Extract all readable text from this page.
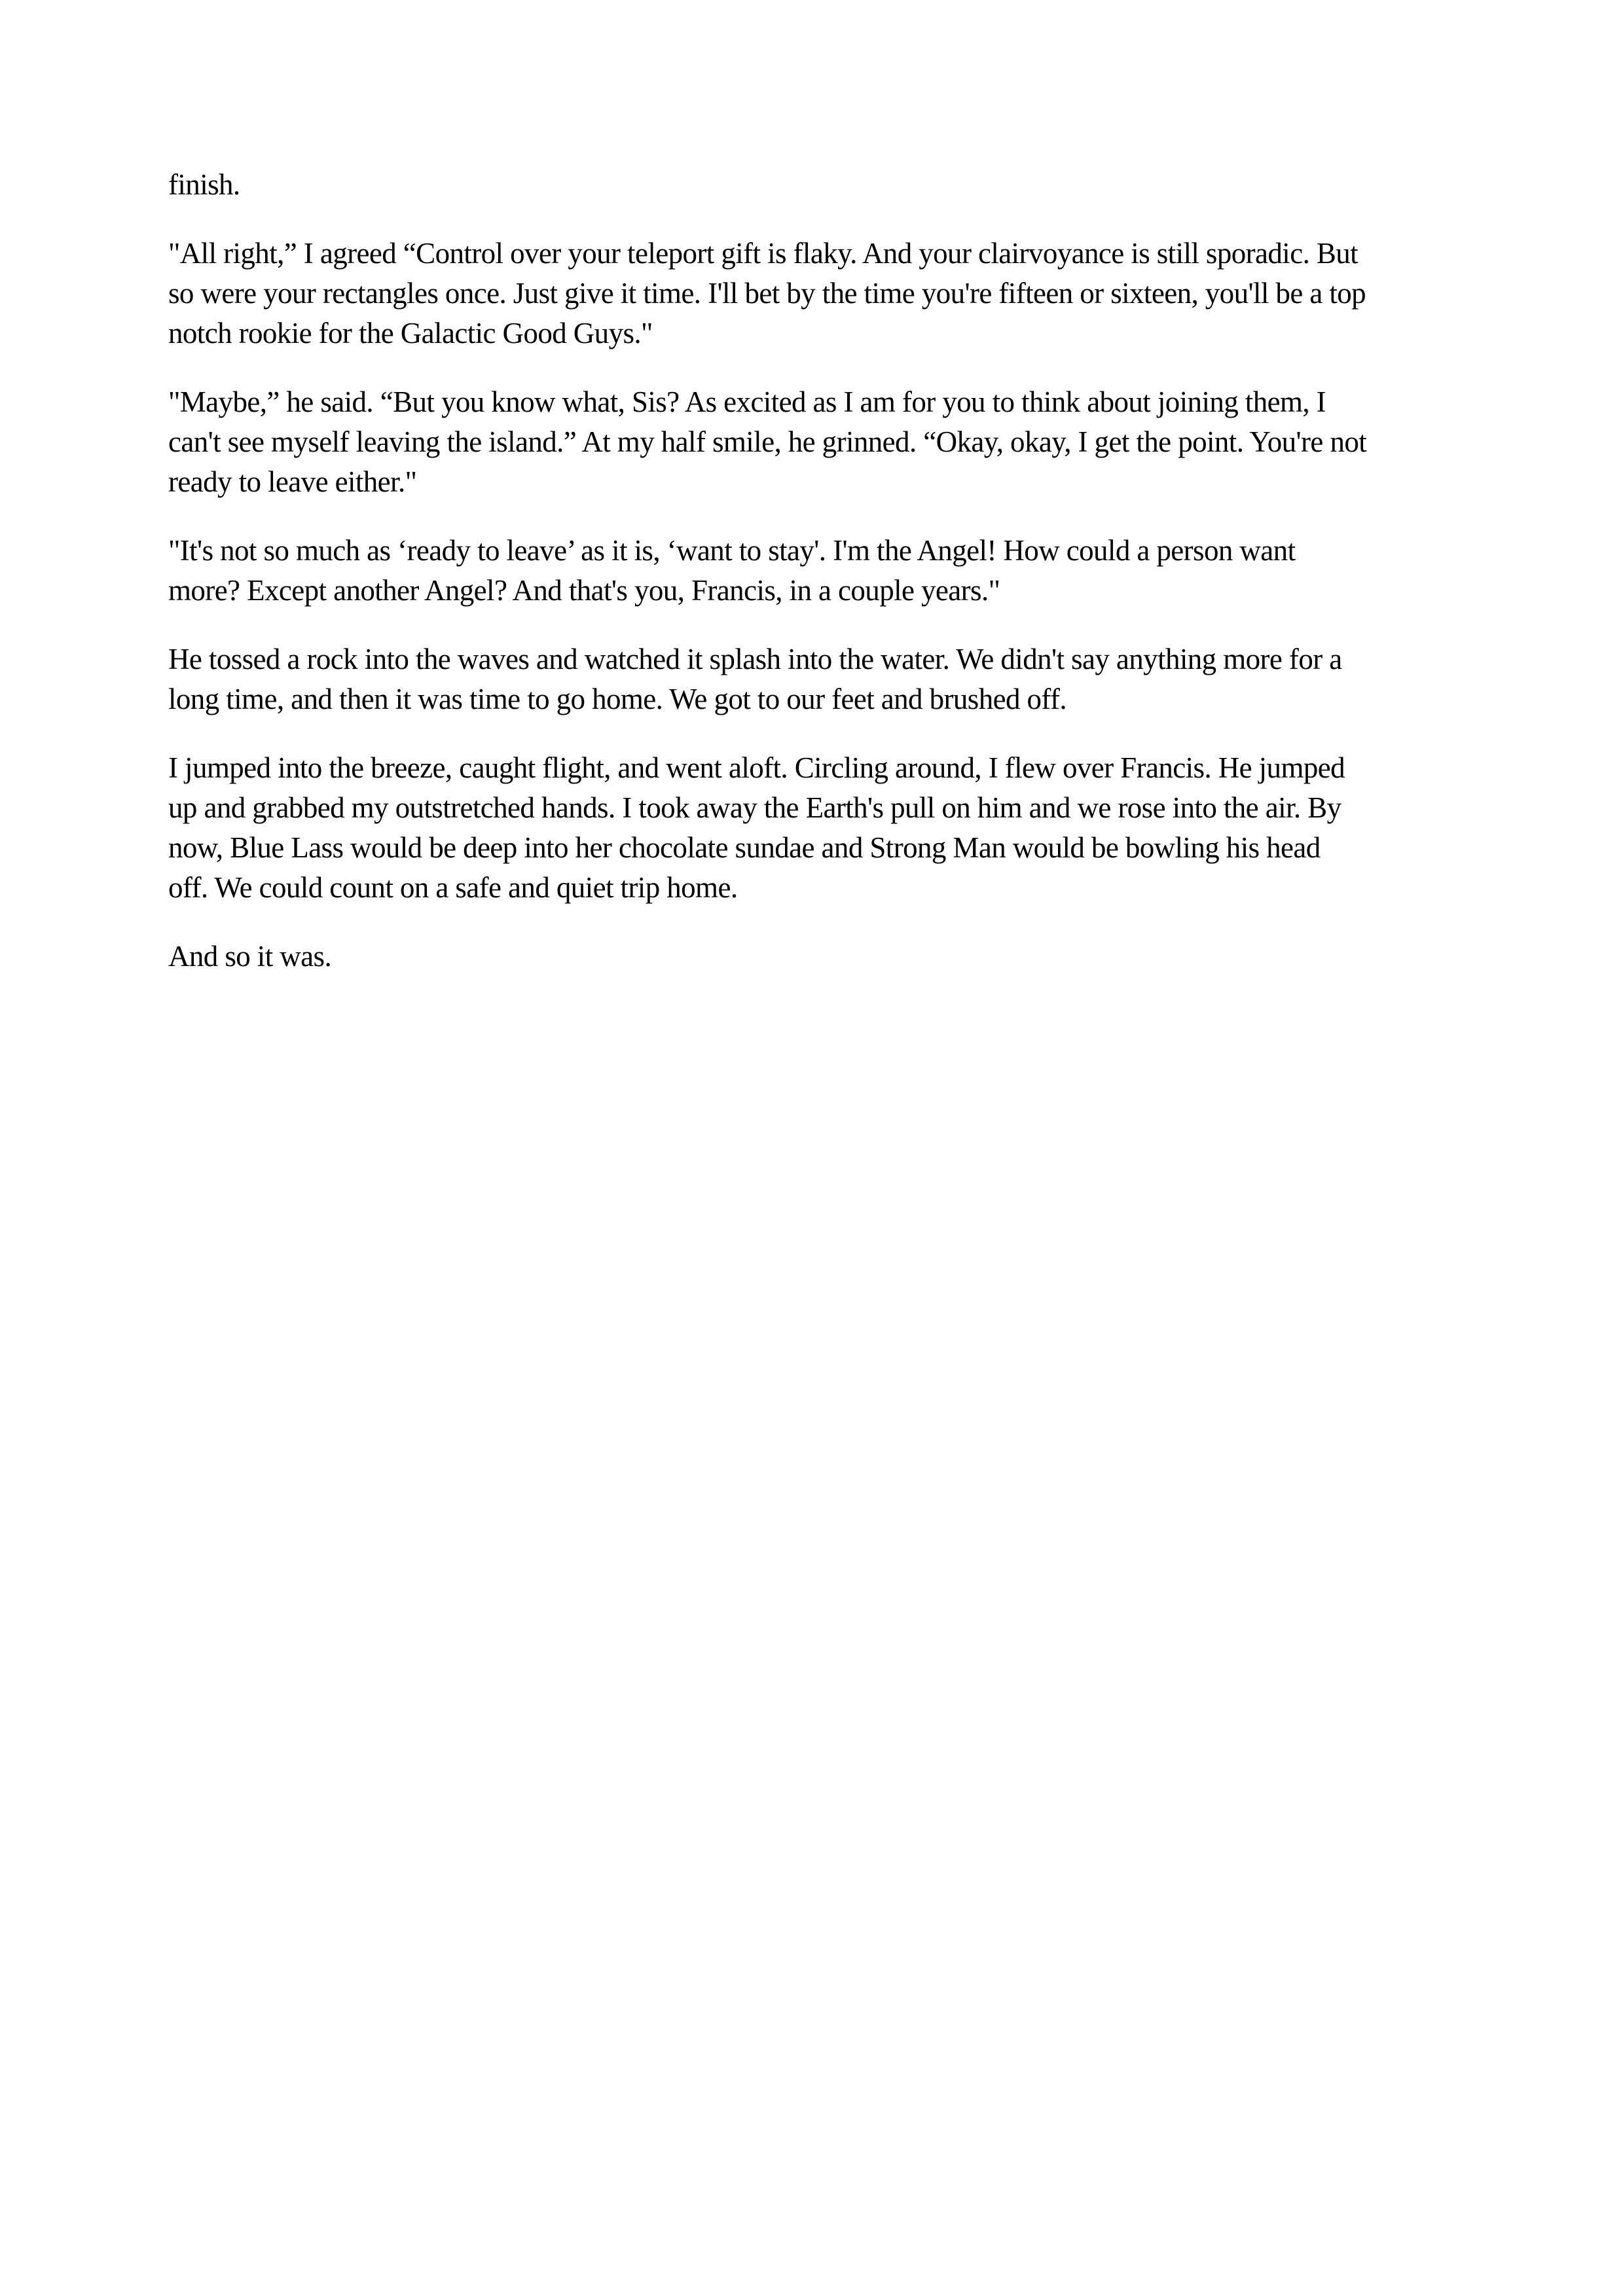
finish.

"All right,” I agreed “Control over your teleport gift is flaky. And your clairvoyance is still sporadic. But
so were your rectangles once. Just give it time. I'll bet by the time you're fifteen or sixteen, you'll be a top
notch rookie for the Galactic Good Guys."

"Maybe,” he said. “But you know what, Sis? As excited as I am for you to think about joining them, I
can't see myself leaving the island.” At my half smile, he grinned. “Okay, okay, I get the point. You're not
ready to leave either."

"It's not so much as ‘ready to leave’ as it is, ‘want to stay'. I'm the Angel! How could a person want
more? Except another Angel? And that's you, Francis, in a couple years."

He tossed a rock into the waves and watched it splash into the water. We didn't say anything more for a
long time, and then it was time to go home. We got to our feet and brushed off.

I jumped into the breeze, caught flight, and went aloft. Circling around, I flew over Francis. He jumped
up and grabbed my outstretched hands. I took away the Earth's pull on him and we rose into the air. By
now, Blue Lass would be deep into her chocolate sundae and Strong Man would be bowling his head
off. We could count on a safe and quiet trip home.

And so it was.
